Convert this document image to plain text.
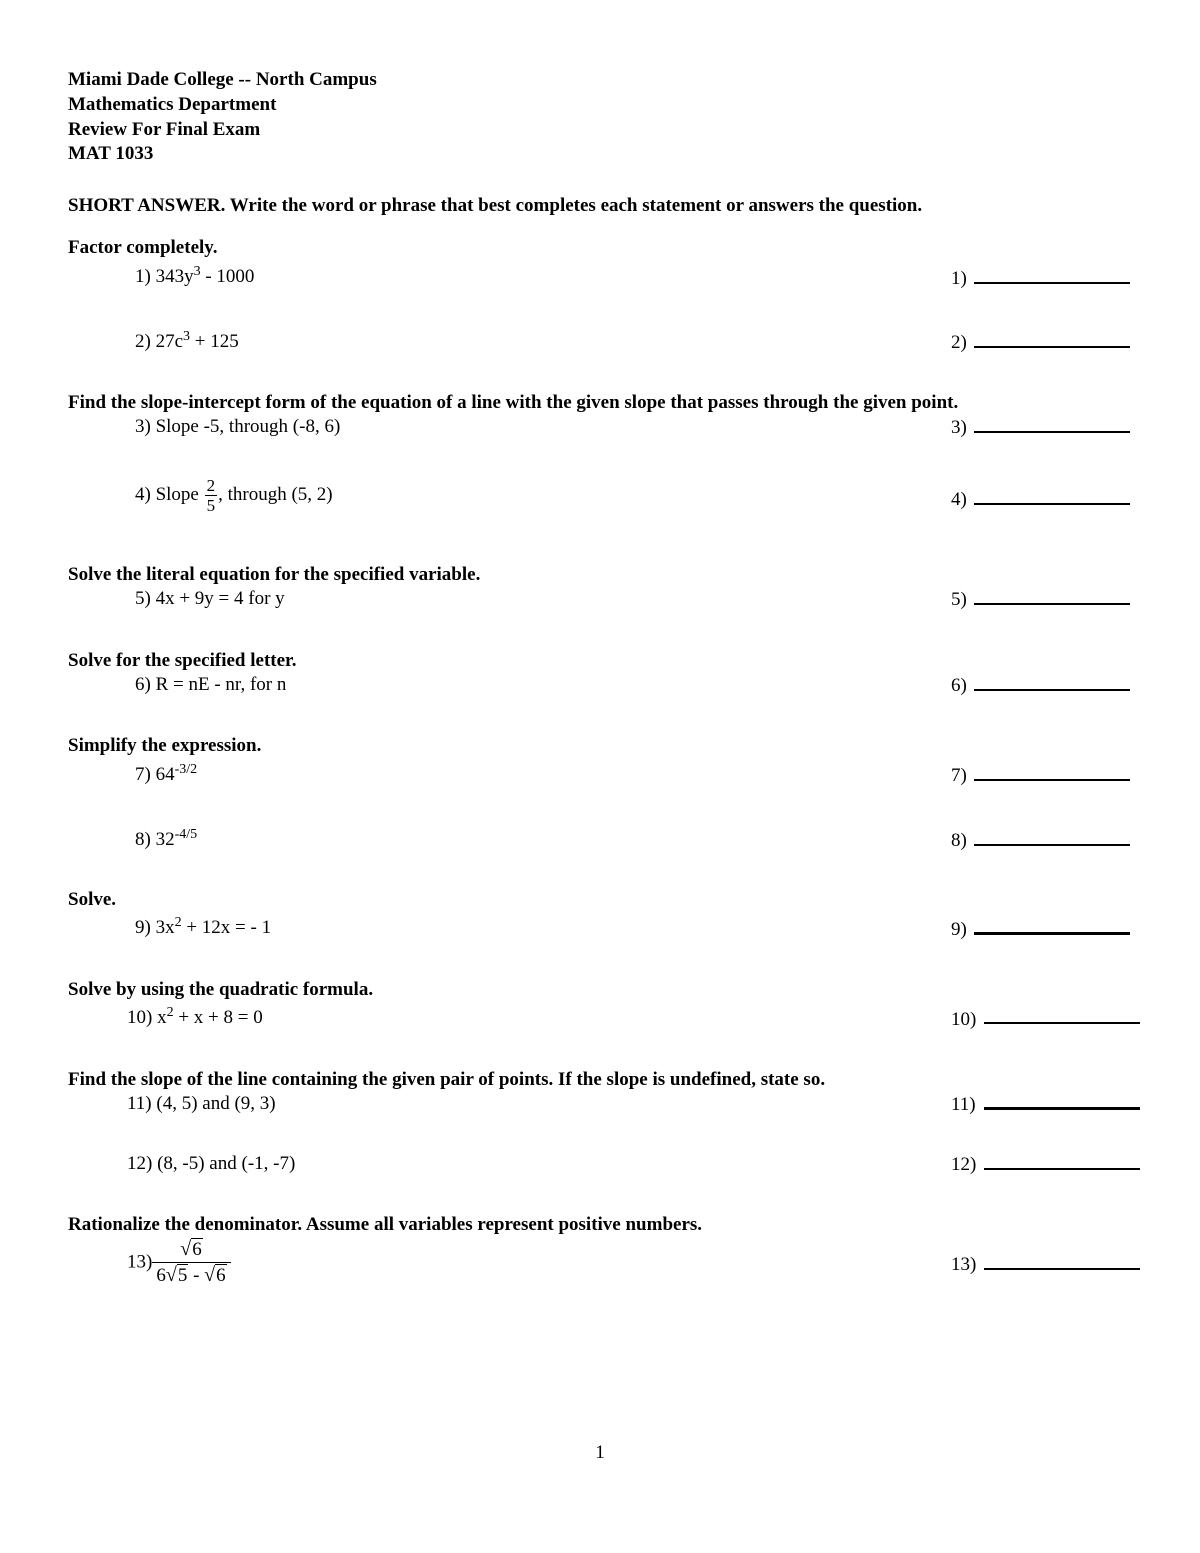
Miami Dade College -- North Campus
Mathematics Department
Review For Final Exam
MAT 1033
SHORT ANSWER. Write the word or phrase that best completes each statement or answers the question.
Factor completely.
1) $343y^3 - 1000$	1)
2) $27c^3 + 125$	2)
Find the slope-intercept form of the equation of a line with the given slope that passes through the given point.
3) Slope -5, through (-8, 6)	3)
4) Slope $\frac{2}{5}$ , through (5, 2)	4)
Solve the literal equation for the specified variable.
5) 4x + 9y = 4 for y	5)
Solve for the specified letter.
6) R = nE - nr, for n	6)
Simplify the expression.
7) $64^{-3/2}$	7)
8) $32^{-4/5}$	8)
Solve.
9) $3x^2 + 12x$ = - 1	9)
Solve by using the quadratic formula.
10) $x^2 + x + 8 = 0$	10)
Find the slope of the line containing the given pair of points. If the slope is undefined, state so.
11) (4, 5) and (9, 3)	11)
12) (8, -5) and (-1, -7)	12)
Rationalize the denominator. Assume all variables represent positive numbers.
$13) \frac{√6}{6√5 - √6}$	13)
1
